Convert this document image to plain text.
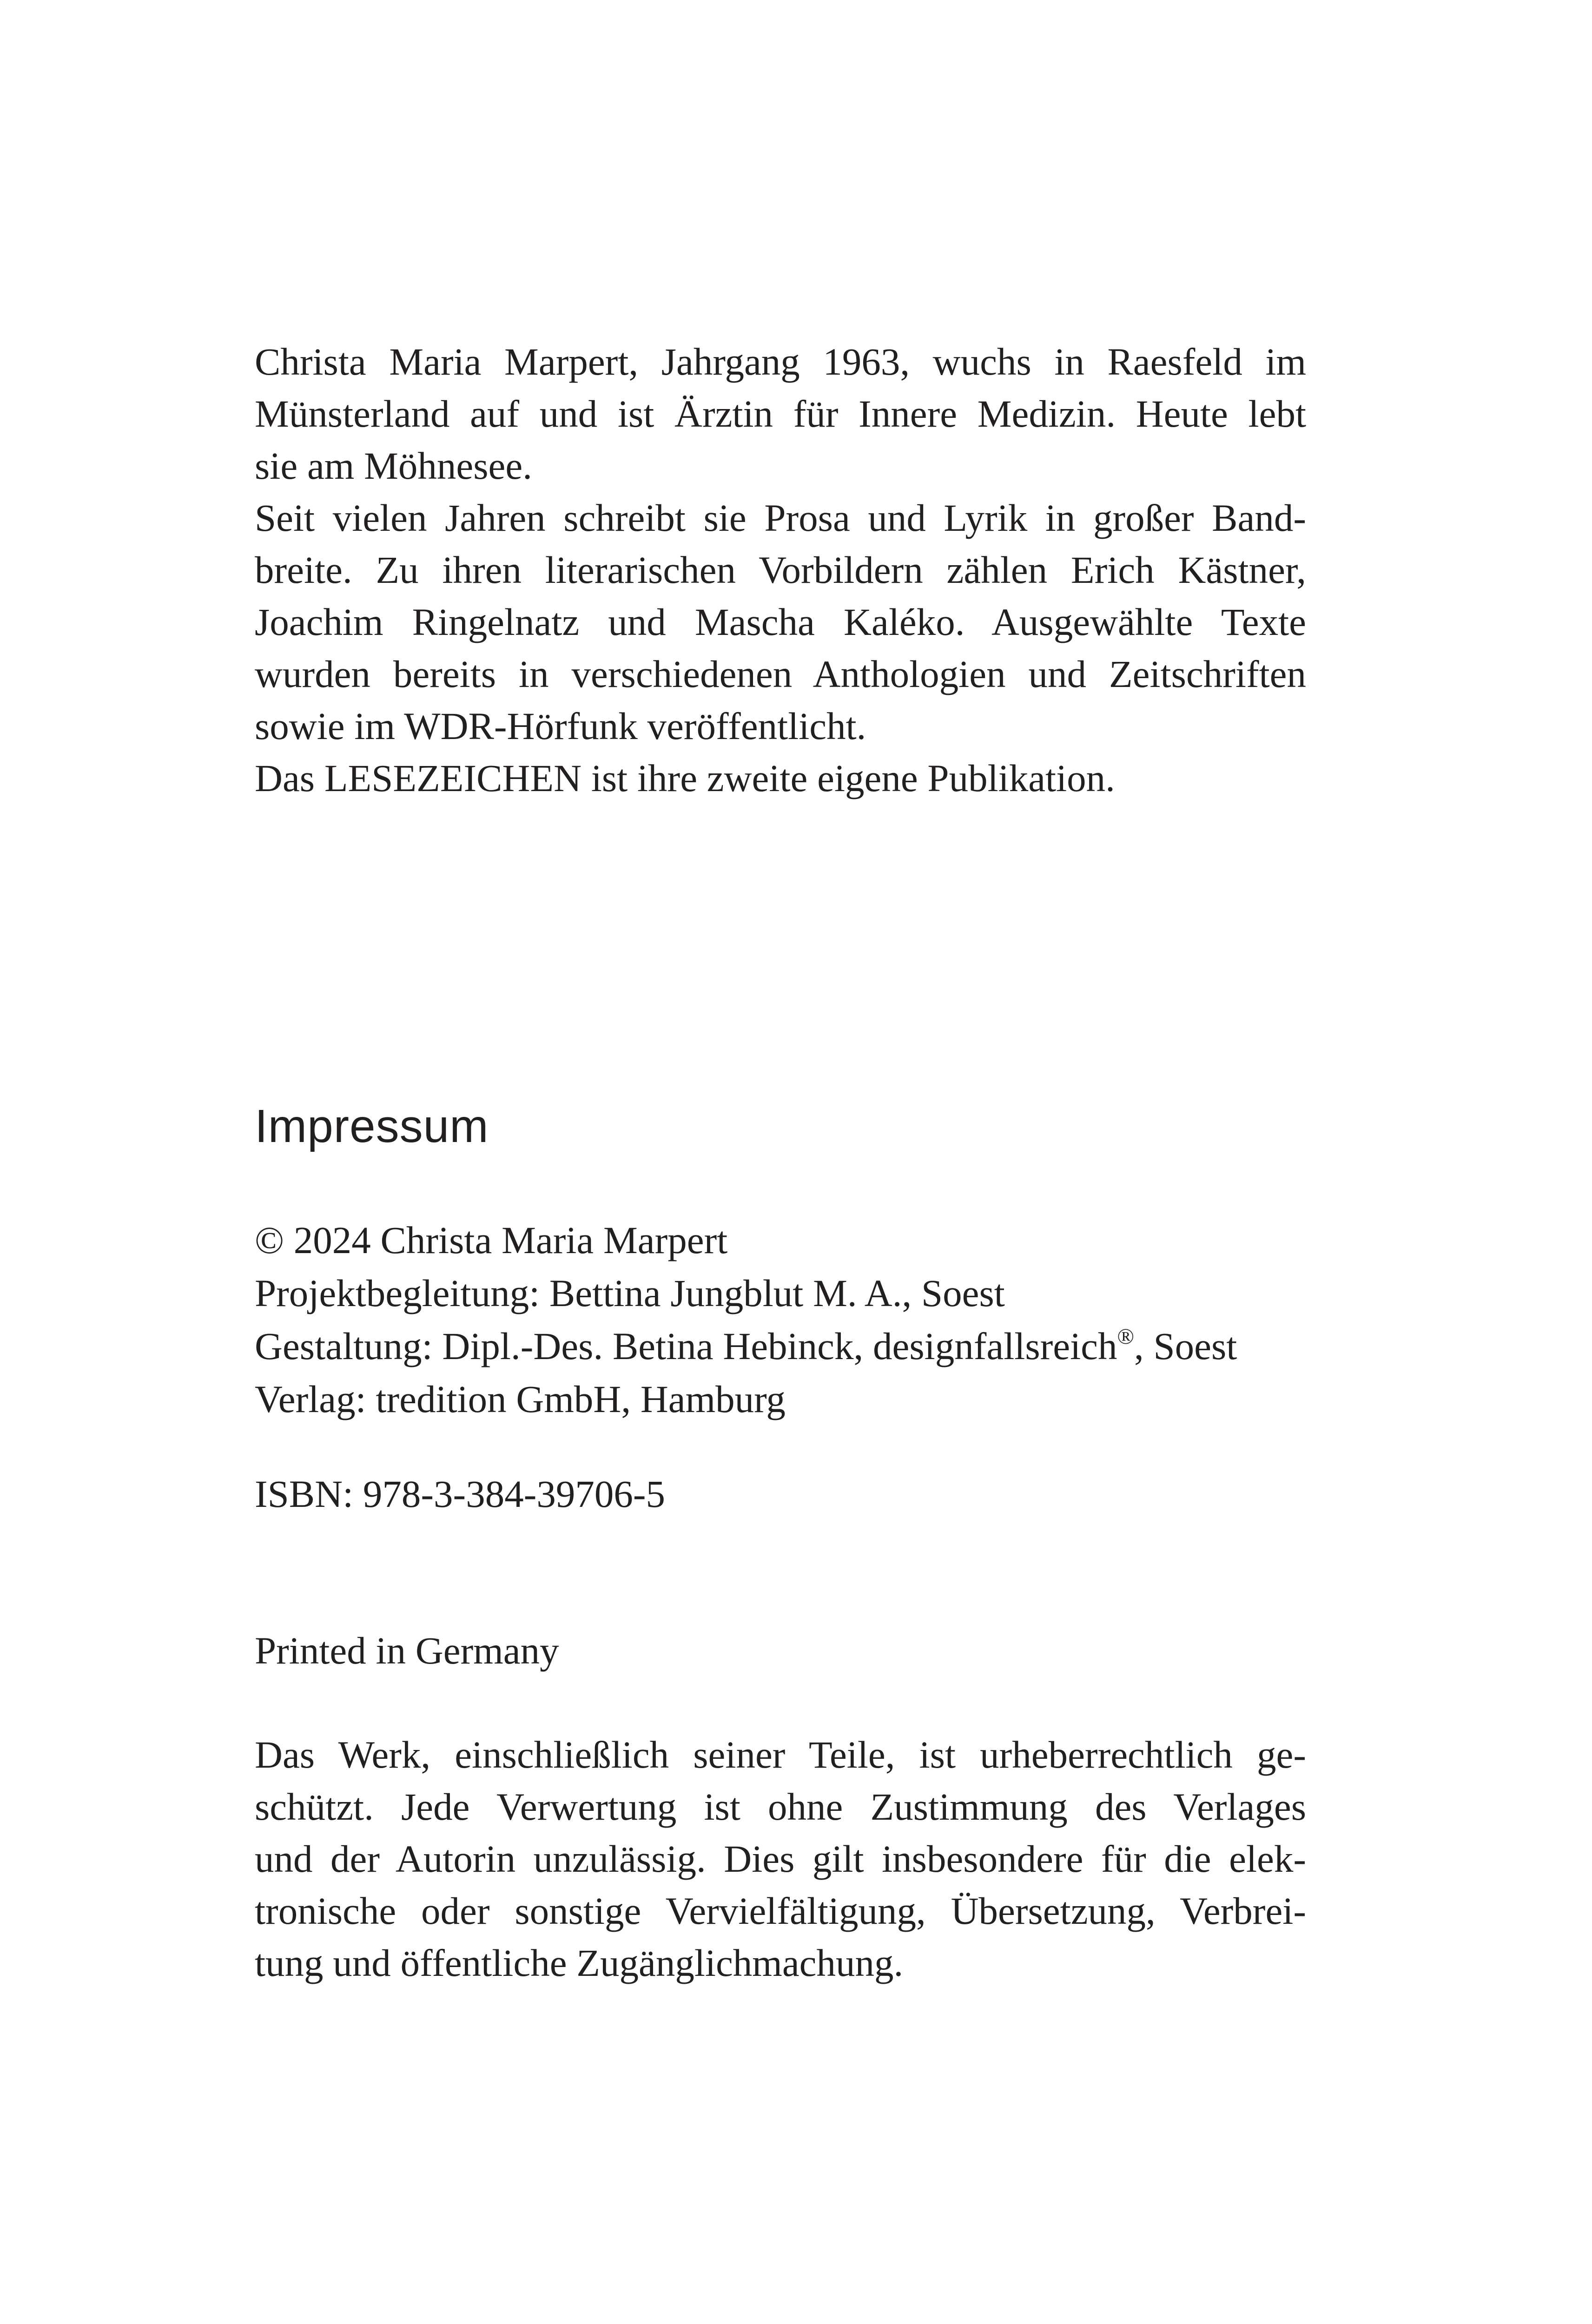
Christa Maria Marpert, Jahrgang 1963, wuchs in Raesfeld im
Münsterland auf und ist Ärztin für Innere Medizin. Heute lebt
sie am Möhnesee.
Seit vielen Jahren schreibt sie Prosa und Lyrik in großer Band-
breite. Zu ihren literarischen Vorbildern zählen Erich Kästner,
Joachim Ringelnatz und Mascha Kaléko. Ausgewählte Texte
wurden bereits in verschiedenen Anthologien und Zeitschriften
sowie im WDR-Hörfunk veröffentlicht.
Das LESEZEICHEN ist ihre zweite eigene Publikation.
Impressum
© 2024 Christa Maria Marpert
Projektbegleitung: Bettina Jungblut M. A., Soest
Gestaltung: Dipl.-Des. Betina Hebinck, designfallsreich®, Soest
Verlag: tredition GmbH, Hamburg

ISBN: 978-3-384-39706-5

Printed in Germany

Das Werk, einschließlich seiner Teile, ist urheberrechtlich ge-
schützt. Jede Verwertung ist ohne Zustimmung des Verlages
und der Autorin unzulässig. Dies gilt insbesondere für die elek-
tronische oder sonstige Vervielfältigung, Übersetzung, Verbrei-
tung und öffentliche Zugänglichmachung.
